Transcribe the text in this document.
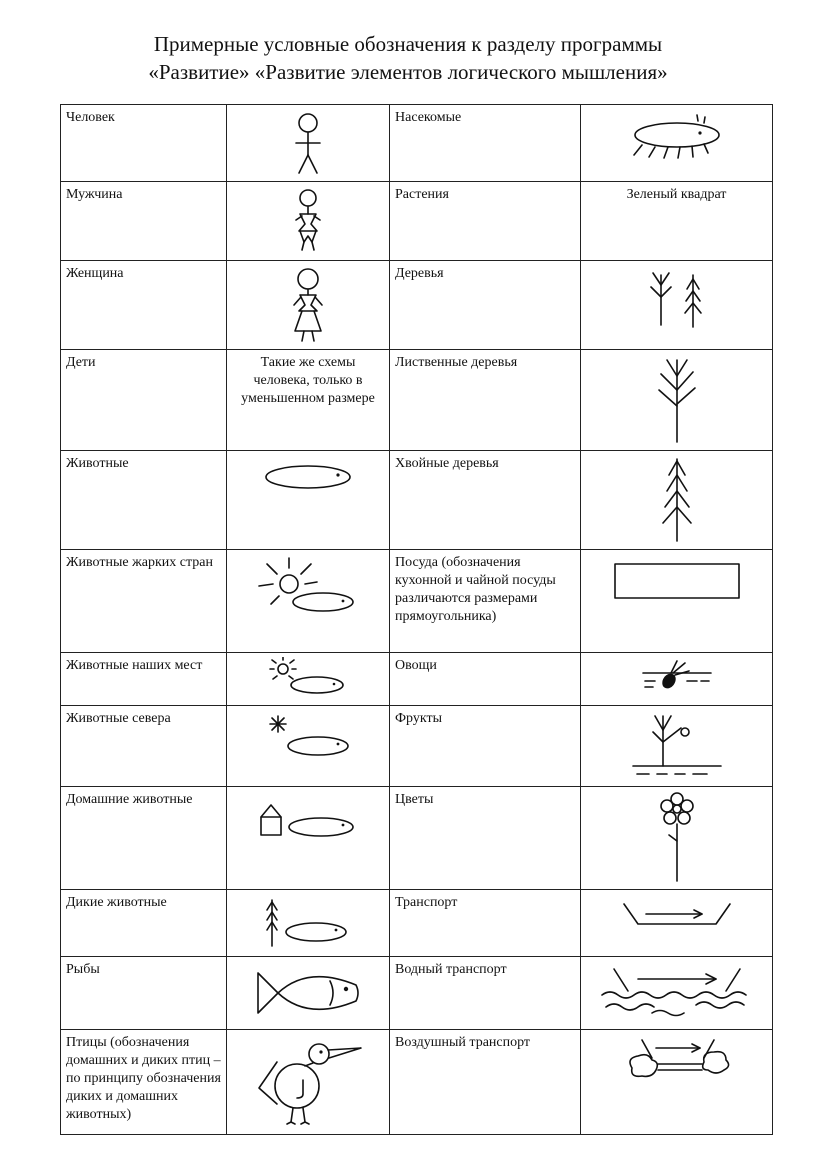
Примерные условные обозначения к разделу программы
«Развитие» «Развитие элементов логического мышления»
Человек		Насекомые	

Мужчина		Растения	Зеленый квадрат
Женщина		Деревья	

Дети	Такие же схемы человека, только в уменьшенном размере	Лиственные деревья	

Животные		Хвойные деревья	

Животные жарких стран		Посуда (обозначения кухонной и чайной посуды различаются размерами прямоугольника)	

Животные наших мест		Овощи	

Животные севера		Фрукты	

Домашние животные		Цветы	

Дикие животные		Транспорт	

Рыбы		Водный транспорт	

Птицы (обозначения домашних и диких птиц – по принципу обозначения диких и домашних животных)		Воздушный транспорт	
